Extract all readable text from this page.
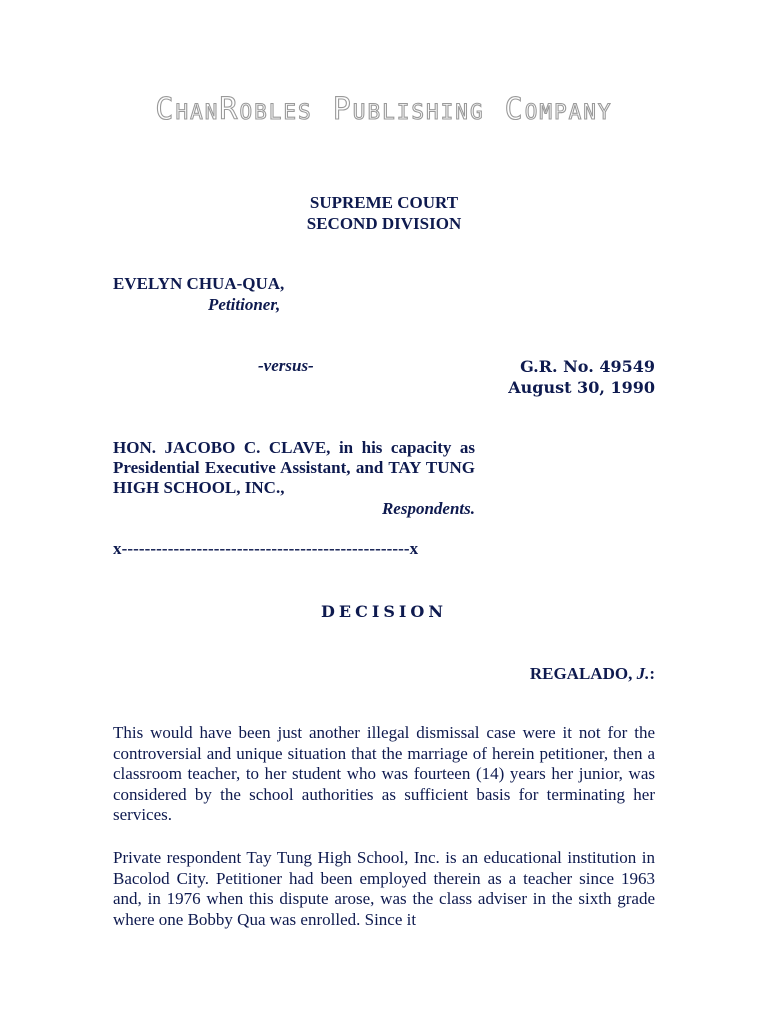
ChanRobles Publishing Company
SUPREME COURT
SECOND DIVISION
EVELYN CHUA-QUA,
Petitioner,
-versus-	G.R. No. 49549
August 30, 1990
HON. JACOBO C. CLAVE, in his capacity as Presidential Executive Assistant, and TAY TUNG HIGH SCHOOL, INC.,
Respondents.
x--------------------------------------------------x
DECISION
REGALADO, J.:
This would have been just another illegal dismissal case were it not for the controversial and unique situation that the marriage of herein petitioner, then a classroom teacher, to her student who was fourteen (14) years her junior, was considered by the school authorities as sufficient basis for terminating her services.
Private respondent Tay Tung High School, Inc. is an educational institution in Bacolod City. Petitioner had been employed therein as a teacher since 1963 and, in 1976 when this dispute arose, was the class adviser in the sixth grade where one Bobby Qua was enrolled. Since it
